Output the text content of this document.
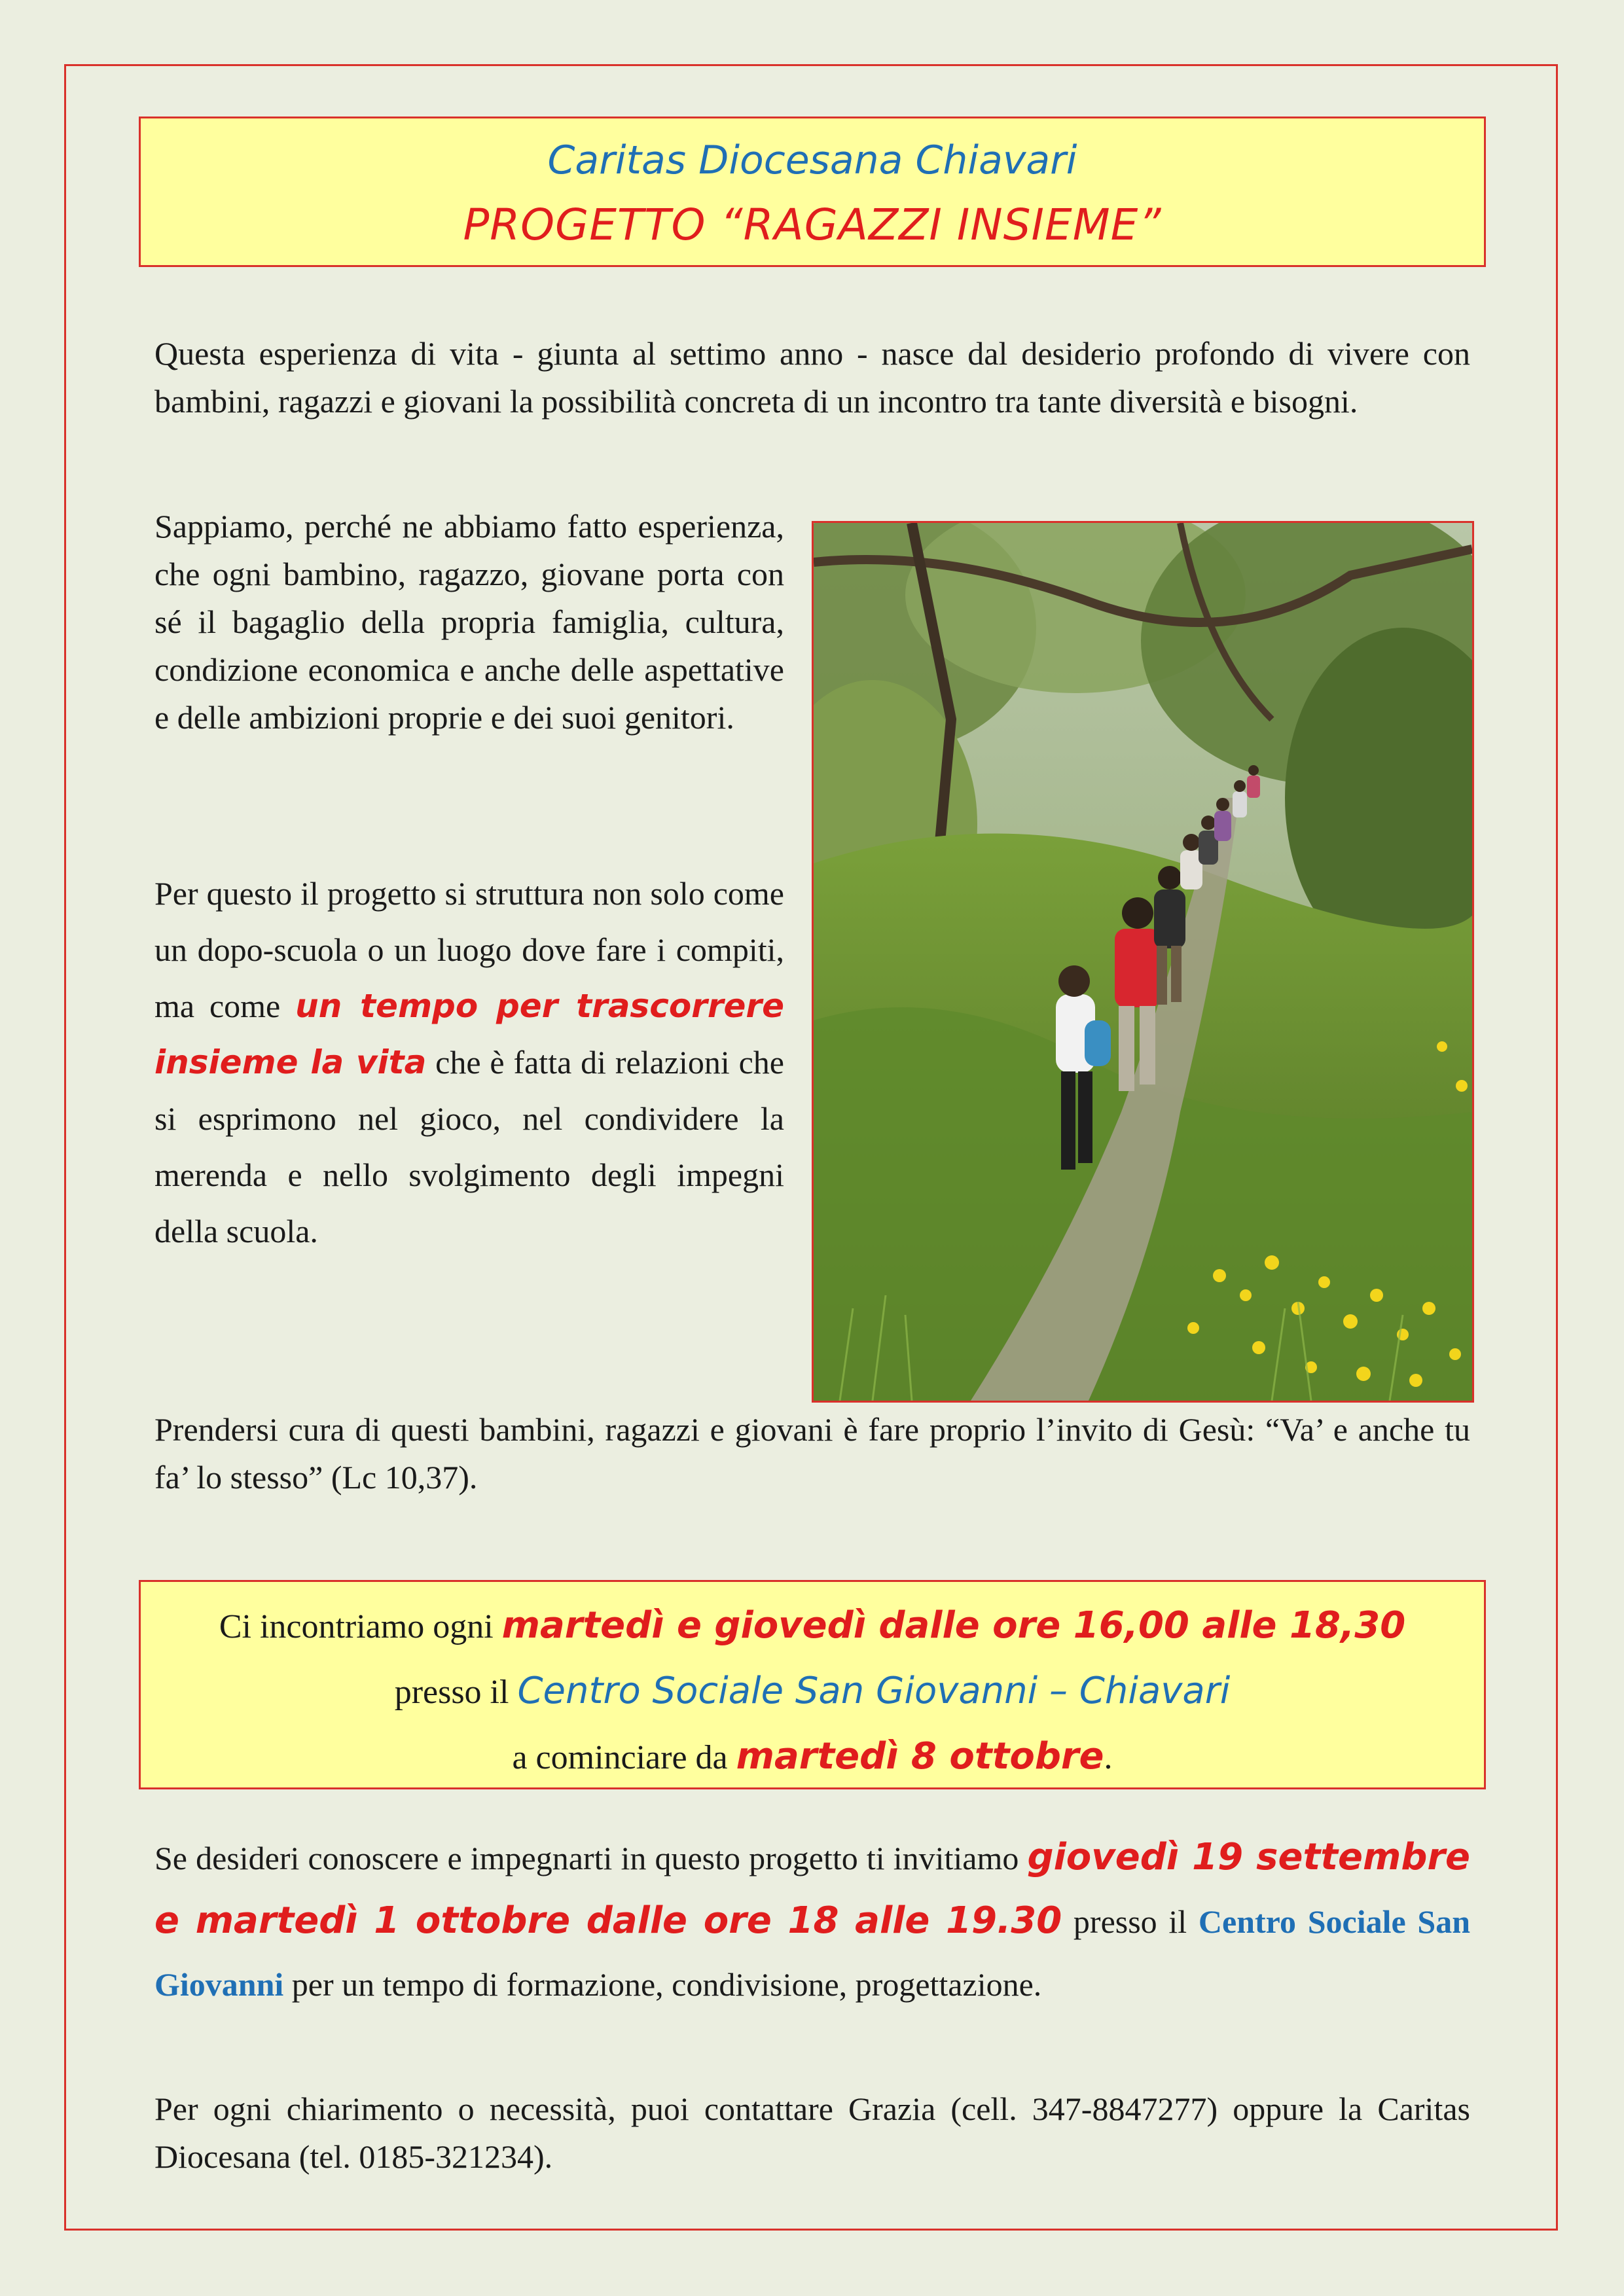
Caritas Diocesana Chiavari
PROGETTO “RAGAZZI INSIEME”
Questa esperienza di vita - giunta al settimo anno - nasce dal desiderio profondo di vivere con bambini, ragazzi e giovani la possibilità concreta di un incontro tra tante diversità e bisogni.
Sappiamo, perché ne abbiamo fatto esperienza, che ogni bambino, ragazzo, giovane porta con sé il bagaglio della propria famiglia, cultura, condizione economica e anche delle aspettative e delle ambizioni proprie e dei suoi genitori.
Per questo il progetto si struttura non solo come un dopo-scuola o un luogo dove fare i compiti, ma come un tempo per trascorrere insieme la vita che è fatta di relazioni che si esprimono nel gioco, nel condividere la merenda e nello svolgimento degli impegni della scuola.
Prendersi cura di questi bambini, ragazzi e giovani è fare proprio l’invito di Gesù: “Va’ e anche tu fa’ lo stesso” (Lc 10,37).
Ci incontriamo ogni martedì e giovedì dalle ore 16,00 alle 18,30
presso il Centro Sociale San Giovanni – Chiavari
a cominciare da martedì 8 ottobre.
Se desideri conoscere e impegnarti in questo progetto ti invitiamo giovedì 19 settembre e martedì 1 ottobre dalle ore 18 alle 19.30 presso il Centro Sociale San Giovanni per un tempo di formazione, condivisione, progettazione.
Per ogni chiarimento o necessità, puoi contattare Grazia (cell. 347-8847277) oppure la Caritas Diocesana (tel. 0185-321234).
